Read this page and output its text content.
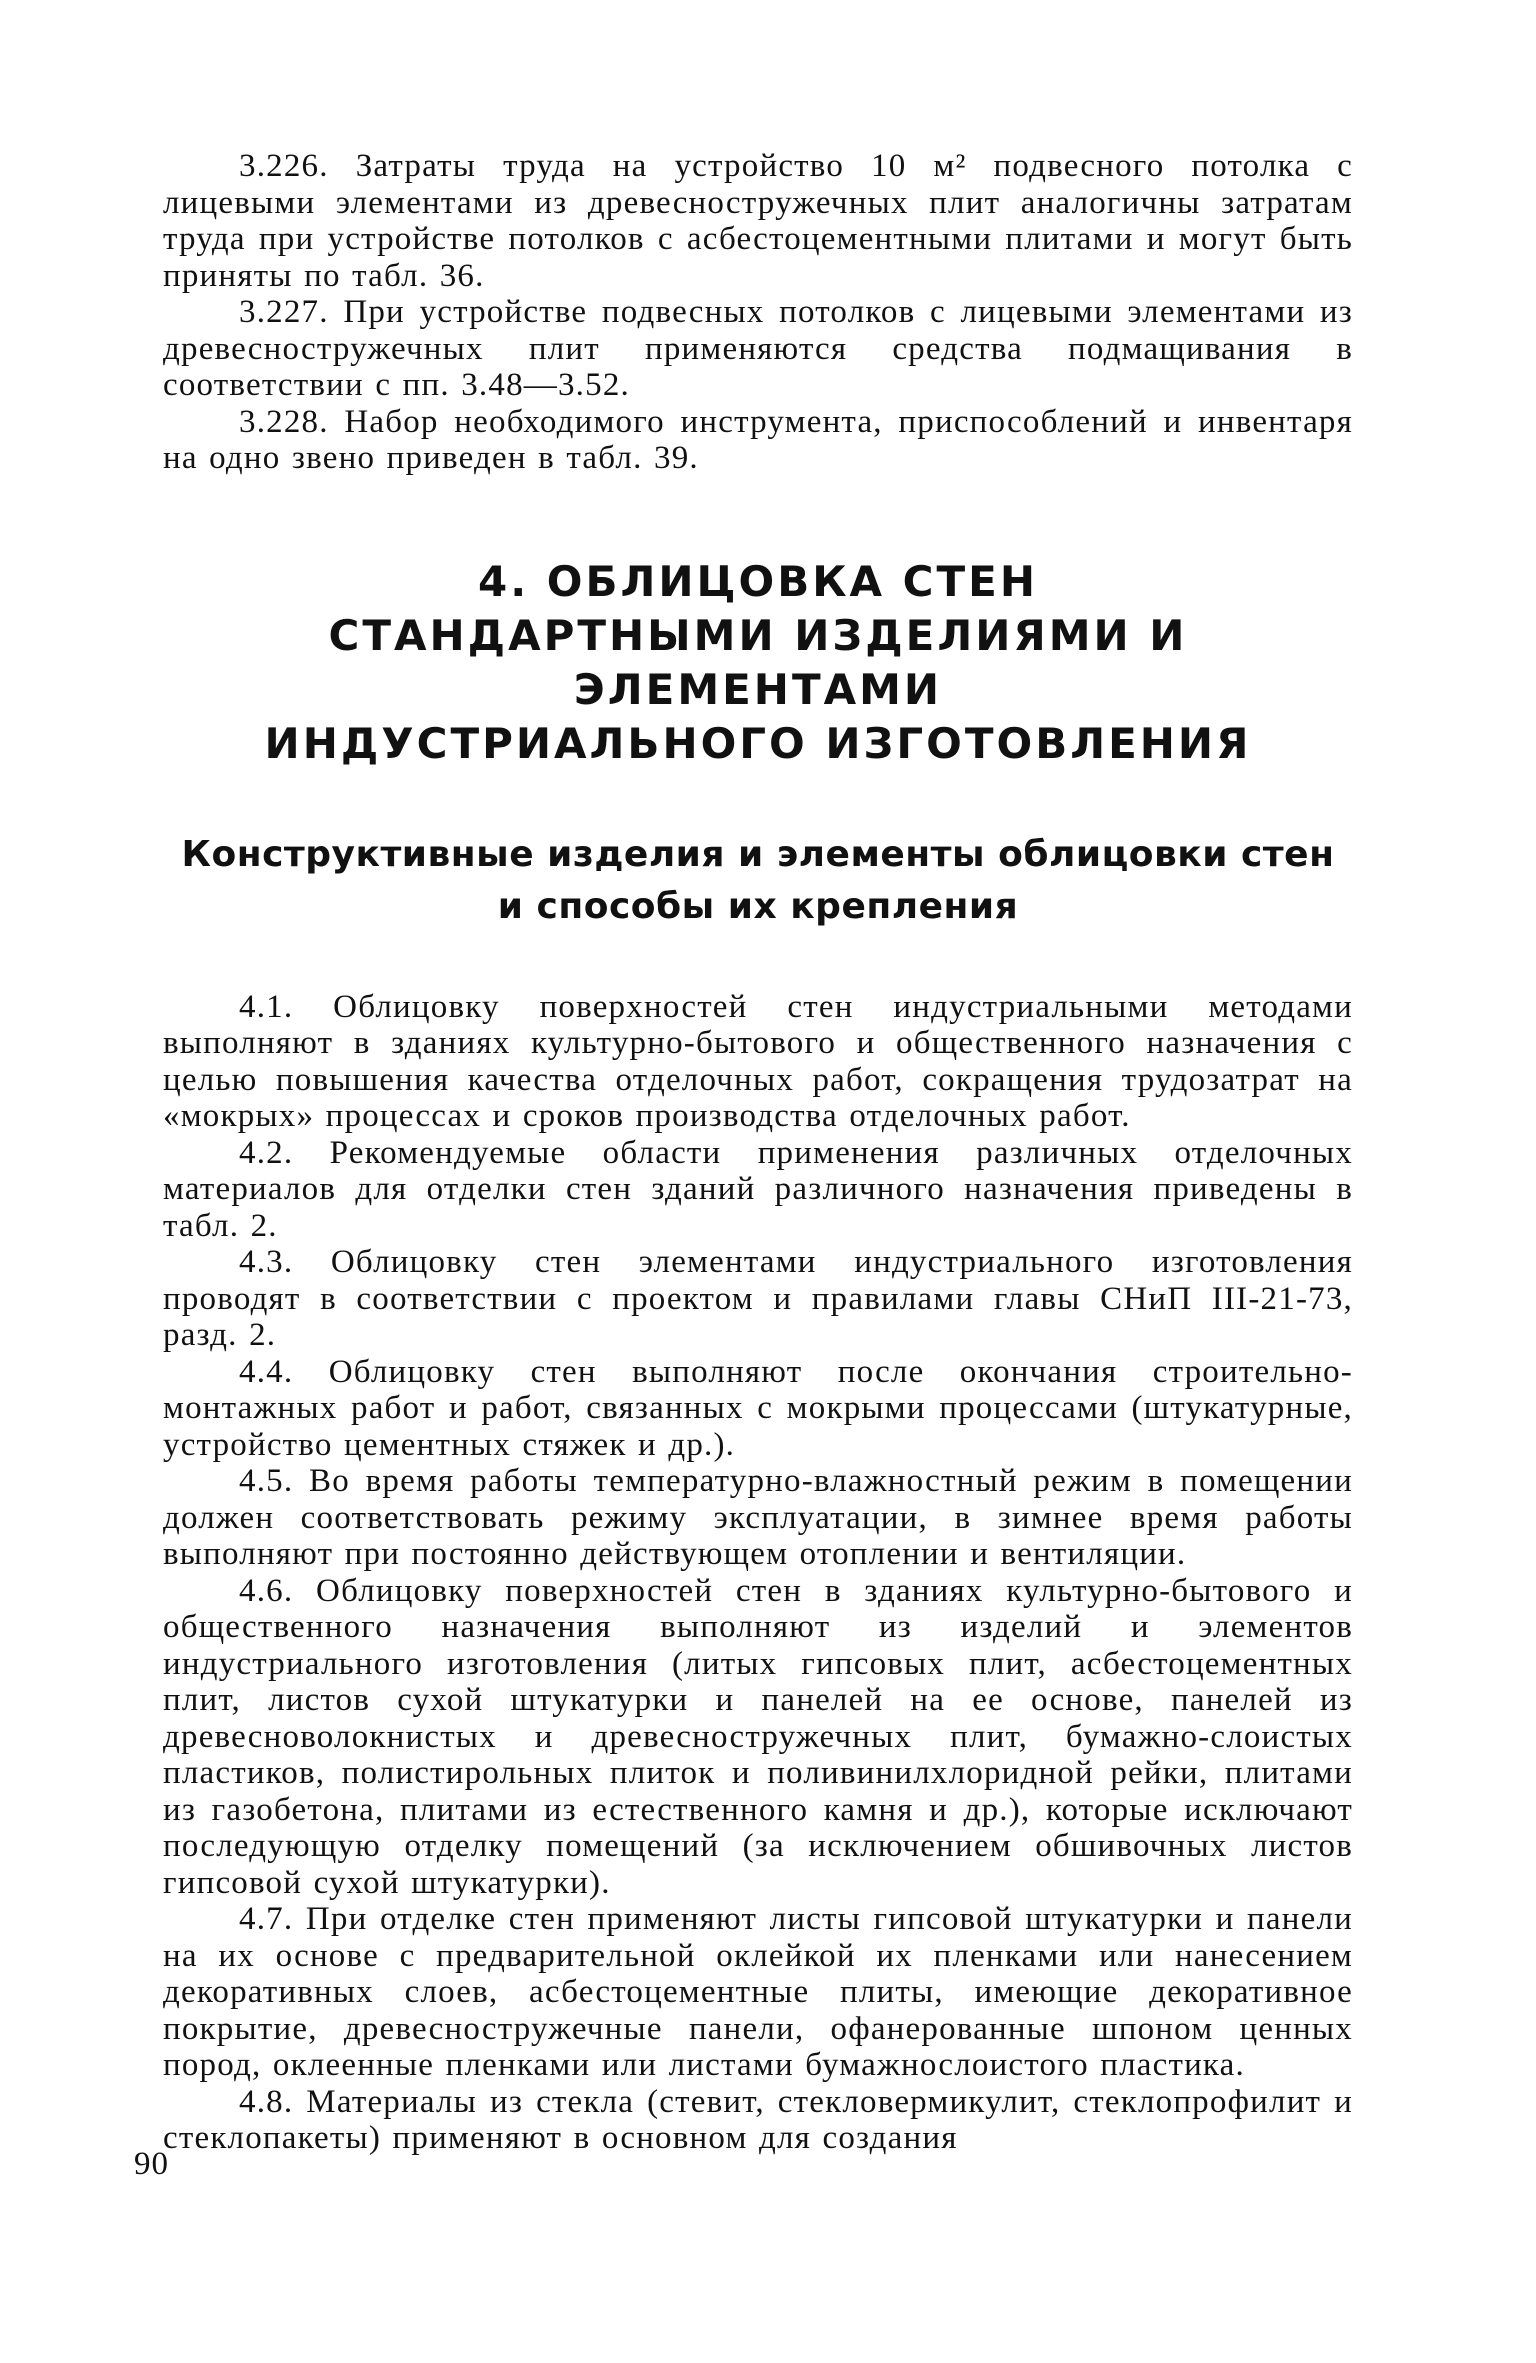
3.226. Затраты труда на устройство 10 м² подвесного потолка с лицевыми элементами из древесностружечных плит аналогичны затратам труда при устройстве потолков с асбестоцементными плитами и могут быть приняты по табл. 36.

3.227. При устройстве подвесных потолков с лицевыми элементами из древесностружечных плит применяются средства подмащивания в соответствии с пп. 3.48—3.52.

3.228. Набор необходимого инструмента, приспособлений и инвентаря на одно звено приведен в табл. 39.

4. ОБЛИЦОВКА СТЕН
СТАНДАРТНЫМИ ИЗДЕЛИЯМИ И ЭЛЕМЕНТАМИ
ИНДУСТРИАЛЬНОГО ИЗГОТОВЛЕНИЯ
Конструктивные изделия и элементы облицовки стен
и способы их крепления

4.1. Облицовку поверхностей стен индустриальными методами выполняют в зданиях культурно-бытового и общественного назначения с целью повышения качества отделочных работ, сокращения трудозатрат на «мокрых» процессах и сроков производства отделочных работ.

4.2. Рекомендуемые области применения различных отделочных материалов для отделки стен зданий различного назначения приведены в табл. 2.

4.3. Облицовку стен элементами индустриального изготовления проводят в соответствии с проектом и правилами главы СНиП III-21-73, разд. 2.

4.4. Облицовку стен выполняют после окончания строительно-монтажных работ и работ, связанных с мокрыми процессами (штукатурные, устройство цементных стяжек и др.).

4.5. Во время работы температурно-влажностный режим в помещении должен соответствовать режиму эксплуатации, в зимнее время работы выполняют при постоянно действующем отоплении и вентиляции.

4.6. Облицовку поверхностей стен в зданиях культурно-бытового и общественного назначения выполняют из изделий и элементов индустриального изготовления (литых гипсовых плит, асбестоцементных плит, листов сухой штукатурки и панелей на ее основе, панелей из древесноволокнистых и древесностружечных плит, бумажно-слоистых пластиков, полистирольных плиток и поливинилхлоридной рейки, плитами из газобетона, плитами из естественного камня и др.), которые исключают последующую отделку помещений (за исключением обшивочных листов гипсовой сухой штукатурки).

4.7. При отделке стен применяют листы гипсовой штукатурки и панели на их основе с предварительной оклейкой их пленками или нанесением декоративных слоев, асбестоцементные плиты, имеющие декоративное покрытие, древесностружечные панели, офанерованные шпоном ценных пород, оклеенные пленками или листами бумажнослоистого пластика.

4.8. Материалы из стекла (стевит, стекловермикулит, стеклопрофилит и стеклопакеты) применяют в основном для создания

90
